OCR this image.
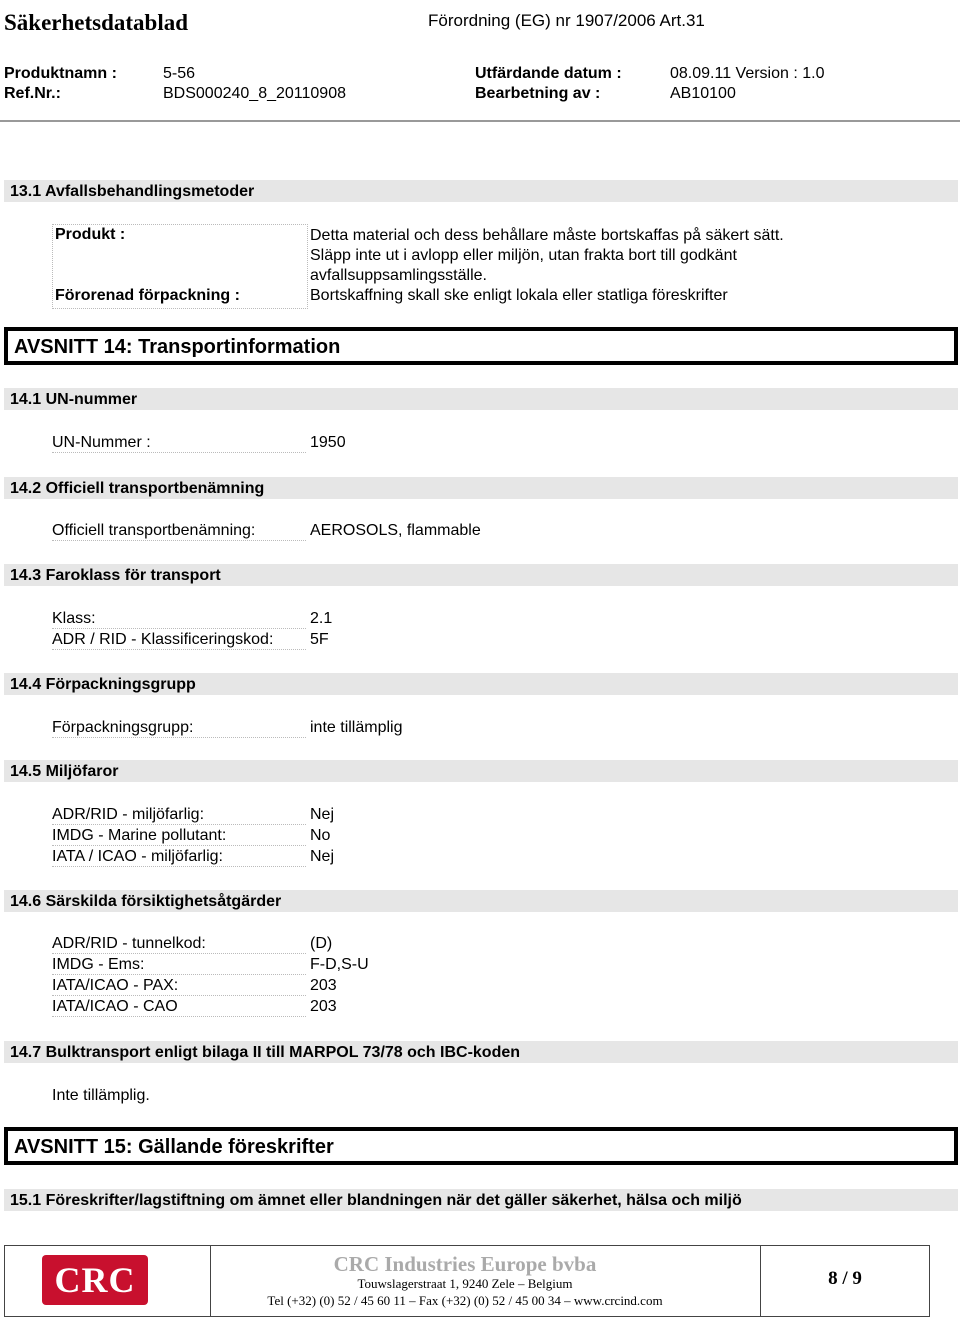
Säkerhetsdatablad	Förordning (EG) nr 1907/2006 Art.31
Produktnamn :	5-56	Utfärdande datum :	08.09.11 Version : 1.0
Ref.Nr.:	BDS000240_8_20110908	Bearbetning av :	AB10100
13.1 Avfallsbehandlingsmetoder
Produkt :	Detta material och dess behållare måste bortskaffas på säkert sätt.
Släpp inte ut i avlopp eller miljön, utan frakta bort till godkänt
avfallsuppsamlingsställe.
Förorenad förpackning :	Bortskaffning skall ske enligt lokala eller statliga föreskrifter
AVSNITT 14: Transportinformation
14.1 UN-nummer
UN-Nummer :	1950
14.2 Officiell transportbenämning
Officiell transportbenämning:	AEROSOLS, flammable
14.3 Faroklass för transport
Klass:	2.1
ADR / RID - Klassificeringskod:	5F
14.4 Förpackningsgrupp
Förpackningsgrupp:	inte tillämplig
14.5 Miljöfaror
ADR/RID - miljöfarlig:	Nej
IMDG - Marine pollutant:	No
IATA / ICAO - miljöfarlig:	Nej
14.6 Särskilda försiktighetsåtgärder
ADR/RID - tunnelkod:	(D)
IMDG - Ems:	F-D,S-U
IATA/ICAO - PAX:	203
IATA/ICAO - CAO	203
14.7 Bulktransport enligt bilaga II till MARPOL 73/78 och IBC-koden
Inte tillämplig.
AVSNITT 15: Gällande föreskrifter
15.1 Föreskrifter/lagstiftning om ämnet eller blandningen när det gäller säkerhet, hälsa och miljö
CRC	CRC Industries Europe bvba
Touwslagerstraat 1, 9240 Zele – Belgium
Tel (+32) (0) 52 / 45 60 11 – Fax (+32) (0) 52 / 45 00 34 – www.crcind.com
8 / 9
